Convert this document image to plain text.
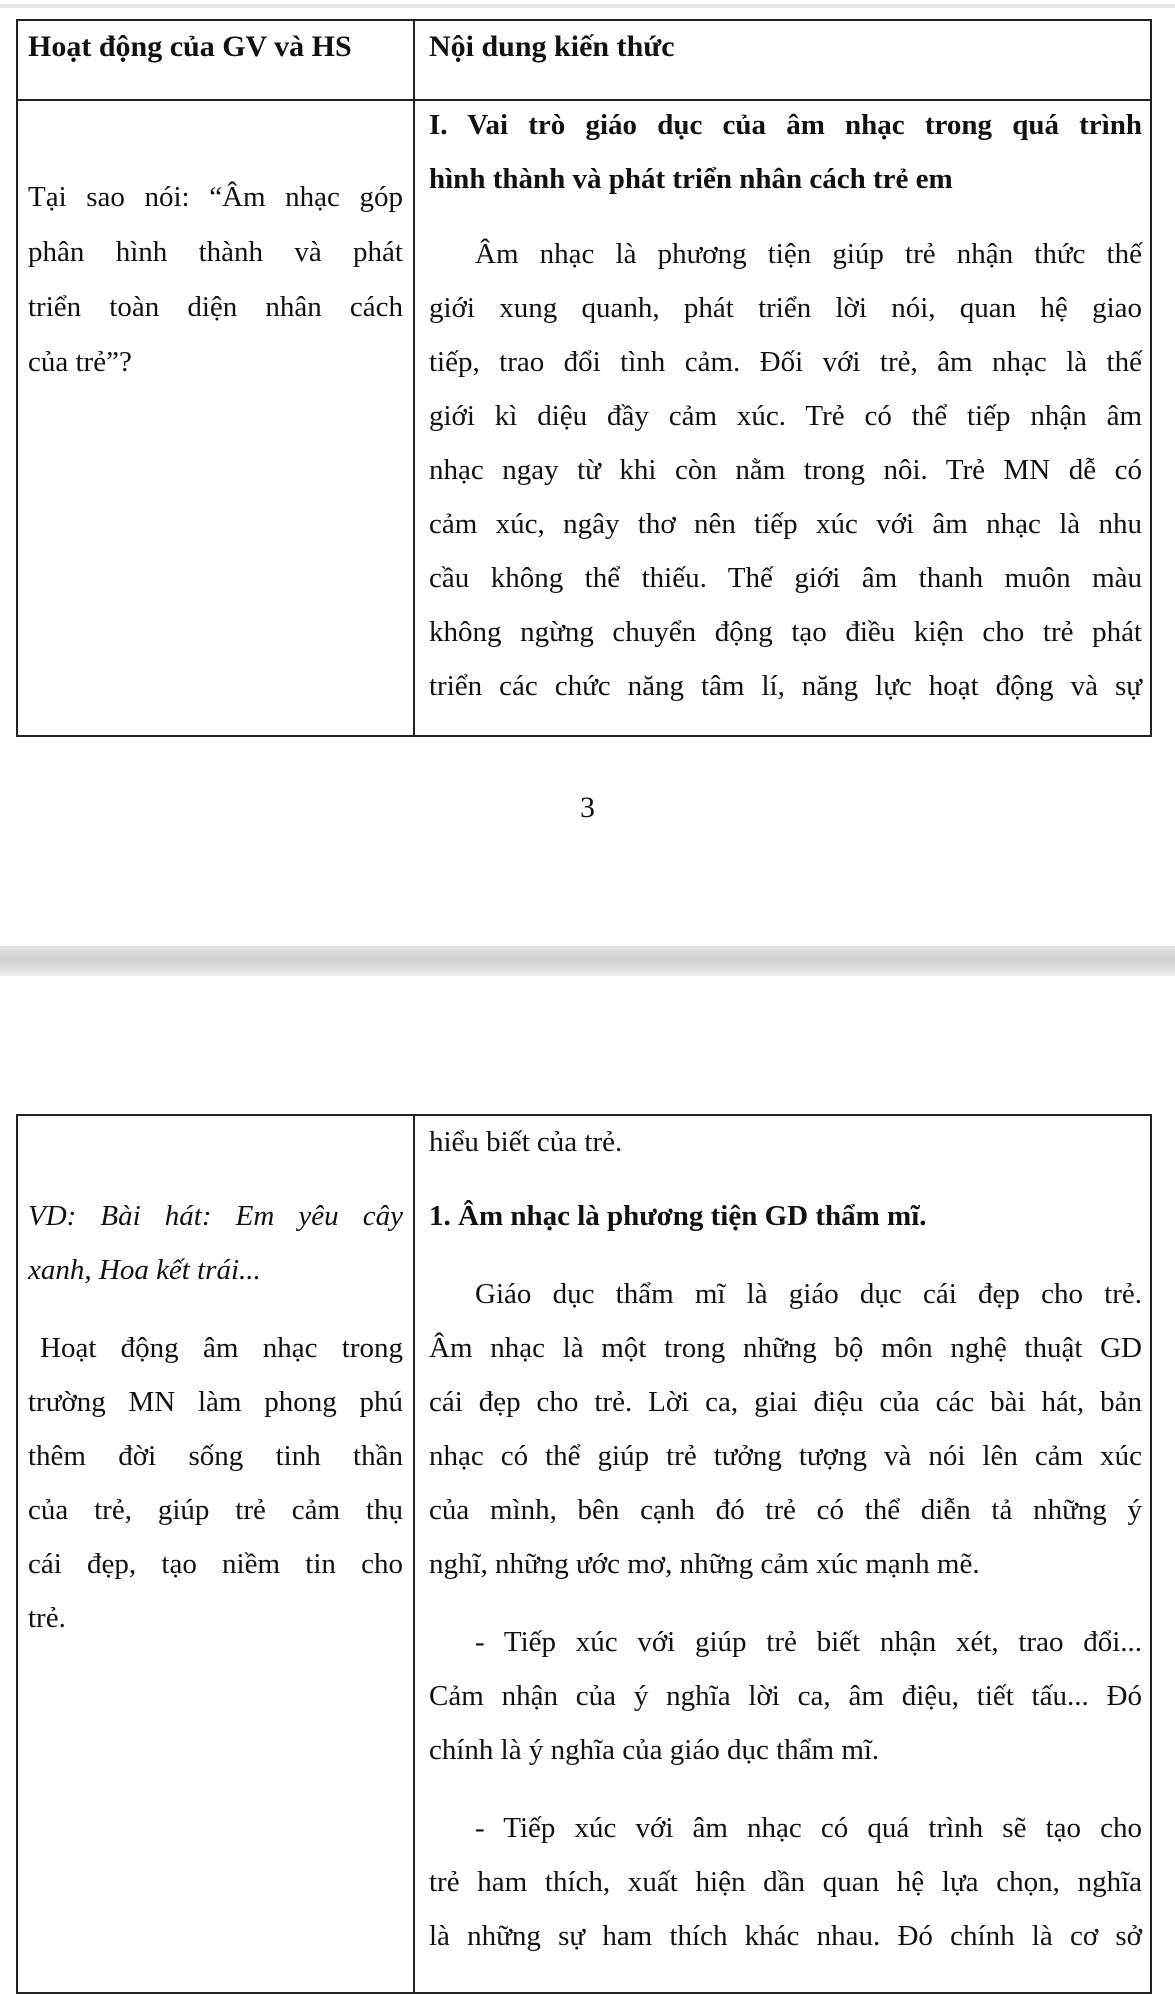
Hoạt động của GV và HS	Nội dung kiến thức
Tại sao nói: “Âm nhạc góp
phân hình thành và phát
triển toàn diện nhân cách
của trẻ”?
I. Vai trò giáo dục của âm nhạc trong quá trình
hình thành và phát triển nhân cách trẻ em
Âm nhạc là phương tiện giúp trẻ nhận thức thế
giới xung quanh, phát triển lời nói, quan hệ giao
tiếp, trao đổi tình cảm. Đối với trẻ, âm nhạc là thế
giới kì diệu đầy cảm xúc. Trẻ có thể tiếp nhận âm
nhạc ngay từ khi còn nằm trong nôi. Trẻ MN dễ có
cảm xúc, ngây thơ nên tiếp xúc với âm nhạc là nhu
cầu không thể thiếu. Thế giới âm thanh muôn màu
không ngừng chuyển động tạo điều kiện cho trẻ phát
triển các chức năng tâm lí, năng lực hoạt động và sự
3
VD: Bài hát: Em yêu cây
xanh, Hoa kết trái...
Hoạt động âm nhạc trong
trường MN làm phong phú
thêm đời sống tinh thần
của trẻ, giúp trẻ cảm thụ
cái đẹp, tạo niềm tin cho
trẻ.
hiểu biết của trẻ.
1. Âm nhạc là phương tiện GD thẩm mĩ.
Giáo dục thẩm mĩ là giáo dục cái đẹp cho trẻ.
Âm nhạc là một trong những bộ môn nghệ thuật GD
cái đẹp cho trẻ. Lời ca, giai điệu của các bài hát, bản
nhạc có thể giúp trẻ tưởng tượng và nói lên cảm xúc
của mình, bên cạnh đó trẻ có thể diễn tả những ý
nghĩ, những ước mơ, những cảm xúc mạnh mẽ.
- Tiếp xúc với giúp trẻ biết nhận xét, trao đổi...
Cảm nhận của ý nghĩa lời ca, âm điệu, tiết tấu... Đó
chính là ý nghĩa của giáo dục thẩm mĩ.
- Tiếp xúc với âm nhạc có quá trình sẽ tạo cho
trẻ ham thích, xuất hiện dần quan hệ lựa chọn, nghĩa
là những sự ham thích khác nhau. Đó chính là cơ sở
